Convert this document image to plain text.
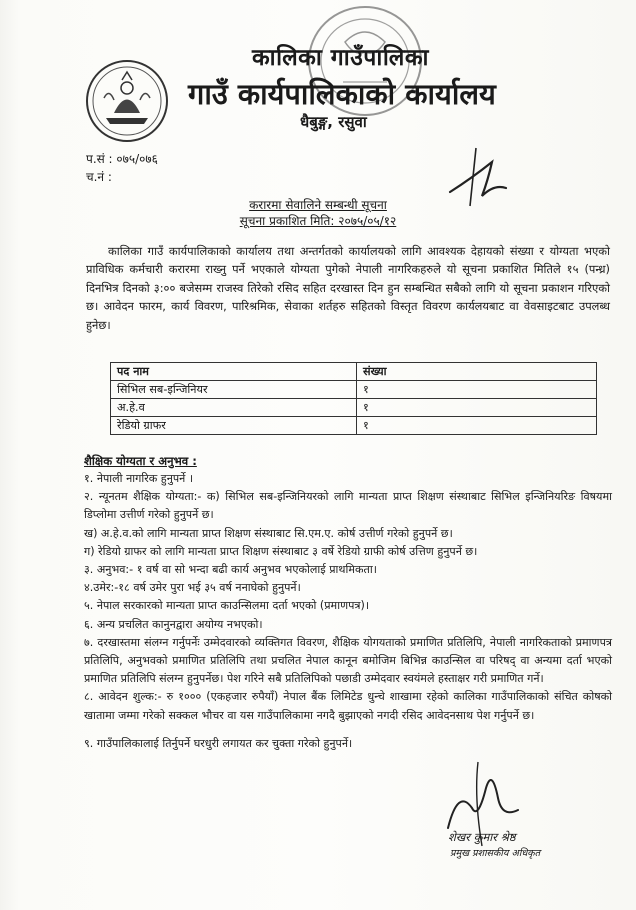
कालिका गाउँपालिका
गाउँ कार्यपालिकाको कार्यालय
धैबुङ्ग, रसुवा
प.सं : ०७५/०७६
च.नं :
करारमा सेवालिने सम्बन्धी सूचना
सूचना प्रकाशित मिति: २०७५/०५/१२
कालिका गाउँ कार्यपालिकाको कार्यालय तथा अन्तर्गतको कार्यालयको लागि आवश्यक देहायको संख्या र योग्यता भएको प्राविधिक कर्मचारी करारमा राख्नु पर्ने भएकाले योग्यता पुगेको नेपाली नागरिकहरुले यो सूचना प्रकाशित मितिले १५ (पन्ध्र) दिनभित्र दिनको ३:०० बजेसम्म राजस्व तिरेको रसिद सहित दरखास्त दिन हुन सम्बन्धित सबैको लागि यो सूचना प्रकाशन गरिएको छ। आवेदन फारम, कार्य विवरण, पारिश्रमिक, सेवाका शर्तहरु सहितको विस्तृत विवरण कार्यलयबाट वा वेवसाइटबाट उपलब्ध हुनेछ।
पद नाम	संख्या
सिभिल सब-इन्जिनियर	१
अ.हे.व	१
रेडियो ग्राफर	१
शैक्षिक योग्यता र अनुभव :
१. नेपाली नागरिक हुनुपर्ने ।
२. न्यूनतम शैक्षिक योग्यता:- क) सिभिल सब-इन्जिनियरको लागि मान्यता प्राप्त शिक्षण संस्थाबाट सिभिल इन्जिनियरिङ विषयमा डिप्लोमा उत्तीर्ण गरेको हुनुपर्ने छ।
ख) अ.हे.व.को लागि मान्यता प्राप्त शिक्षण संस्थाबाट सि.एम.ए. कोर्ष उत्तीर्ण गरेको हुनुपर्ने छ।
ग) रेडियो ग्राफर को लागि मान्यता प्राप्त शिक्षण संस्थाबाट ३ वर्षे रेडियो ग्राफी कोर्ष उत्तिण हुनुपर्ने छ।
३. अनुभव:- १ वर्ष वा सो भन्दा बढी कार्य अनुभव भएकोलाई प्राथमिकता।
४.उमेर:-१८ वर्ष उमेर पुरा भई ३५ वर्ष ननाघेको हुनुपर्ने।
५. नेपाल सरकारको मान्यता प्राप्त काउन्सिलमा दर्ता भएको (प्रमाणपत्र)।
६. अन्य प्रचलित कानुनद्वारा अयोग्य नभएको।
७. दरखास्तमा संलग्न गर्नुपर्नेः उम्मेदवारको व्यक्तिगत विवरण, शैक्षिक योगयताको प्रमाणित प्रतिलिपि, नेपाली नागरिकताको प्रमाणपत्र प्रतिलिपि, अनुभवको प्रमाणित प्रतिलिपि तथा प्रचलित नेपाल कानून बमोजिम बिभिन्न काउन्सिल वा परिषद् वा अन्यमा दर्ता भएको प्रमाणित प्रतिलिपि संलग्न हुनुपर्नेछ। पेश गरिने सबै प्रतिलिपिको पछाडी उम्मेदवार स्वयंमले हस्ताक्षर गरी प्रमाणित गर्ने।
८. आवेदन शुल्क:- रु १००० (एकहजार रुपैयाँ) नेपाल बैंक लिमिटेड धुन्चे शाखामा रहेको कालिका गाउँपालिकाको संचित कोषको खातामा जम्मा गरेको सक्कल भौचर वा यस गाउँपालिकामा नगदै बुझाएको नगदी रसिद आवेदनसाथ पेश गर्नुपर्ने छ।
९. गाउँपालिकालाई तिर्नुपर्ने घरधुरी लगायत कर चुक्ता गरेको हुनुपर्ने।
शेखर कुमार श्रेष्ठ
प्रमुख प्रशासकीय अधिकृत
